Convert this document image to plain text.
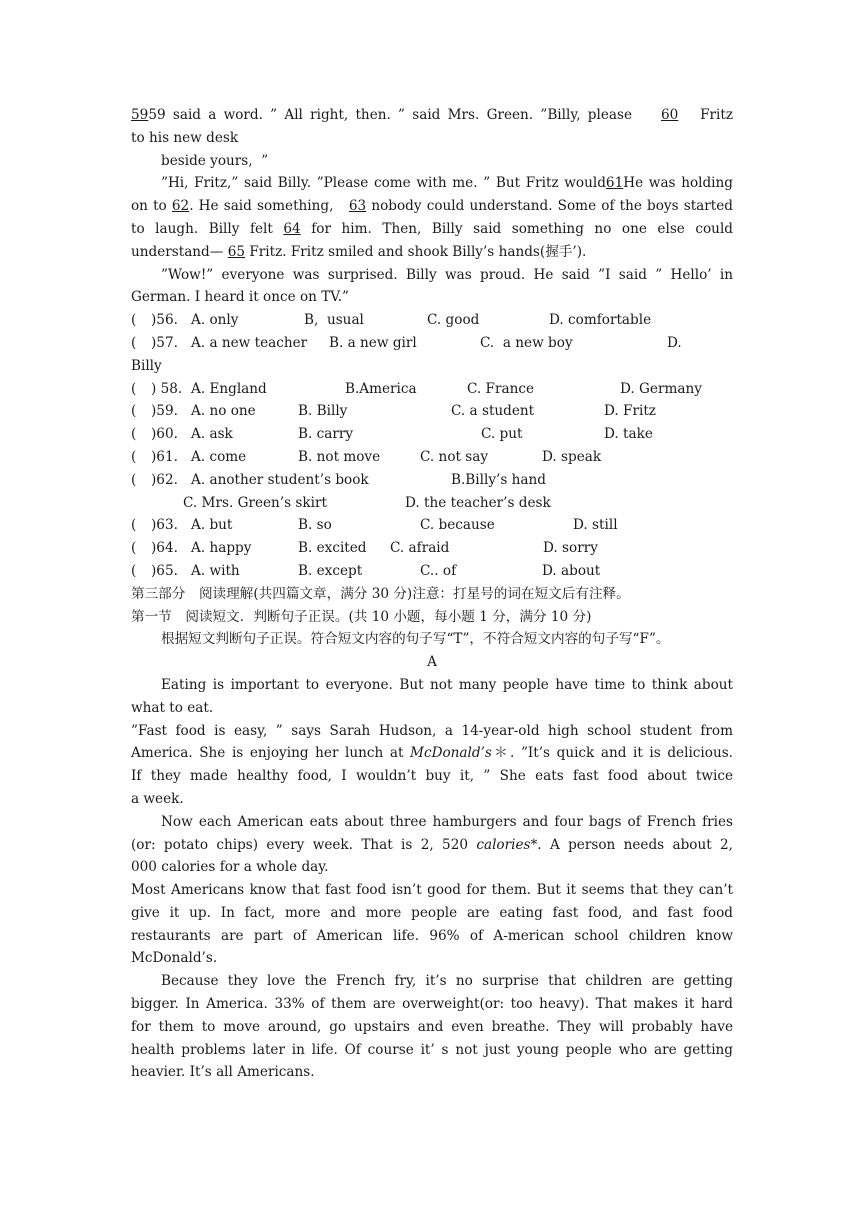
5959 said a word. ” All right, then. ” said Mrs. Green. ”Billy, please 60 Fritz
to his new desk
beside yours,  ”
”Hi, Fritz,” said Billy. ”Please come with me. ” But Fritz would61He was holding
on to 62. He said something, 63 nobody could understand. Some of the boys started
to laugh. Billy felt 64 for him. Then, Billy said something no one else could
understand— 65 Fritz. Fritz smiled and shook Billy’s hands(握手’).
”Wow!” everyone was surprised. Billy was proud. He said ”I said ” Hello’ in
German. I heard it once on TV.”
(	)56. A. only	B,  usual	C. good	D. comfortable
(	)57. A. a new teacher	B. a new girl	C.  a new boy	D.
Billy
(	) 58. A. England	B.America	C. France	D. Germany
(	)59. A. no one	B. Billy	C. a student	D. Fritz
(	)60. A. ask	B. carry	C. put	D. take
(	)61. A. come	B. not move	C. not say	D. speak
(	)62. A. another student’s book	B.Billy’s hand
C. Mrs. Green’s skirt	D. the teacher’s desk
(	)63. A. but	B. so	C. because	D. still
(	)64. A. happy	B. excited	C. afraid	D. sorry
(	)65. A. with	B. except	C.. of	D. about
第三部分　阅读理解(共四篇文章，满分 30 分)注意：打星号的词在短文后有注释。
第一节　阅读短文．判断句子正误。(共 10 小题，每小题 1 分，满分 10 分)
根据短文判断句子正误。符合短文内容的句子写“T”，不符合短文内容的句子写“F”。
A
Eating is important to everyone. But not many people have time to think about
what to eat.
”Fast food is easy, ” says Sarah Hudson, a 14-year-old high school student from
America. She is enjoying her lunch at McDonald’s＊. ”It’s quick and it is delicious.
If they made healthy food, I wouldn’t buy it, ” She eats fast food about twice
a week.
Now each American eats about three hamburgers and four bags of French fries
(or: potato chips) every week. That is 2, 520 calories*. A person needs about 2,
000 calories for a whole day.
Most Americans know that fast food isn’t good for them. But it seems that they can’t
give it up. In fact, more and more people are eating fast food, and fast food
restaurants are part of American life. 96% of A-merican school children know
McDonald’s.
Because they love the French fry, it’s no surprise that children are getting
bigger. In America. 33% of them are overweight(or: too heavy). That makes it hard
for them to move around, go upstairs and even breathe. They will probably have
health problems later in life. Of course it’ s not just young people who are getting
heavier. It’s all Americans.
